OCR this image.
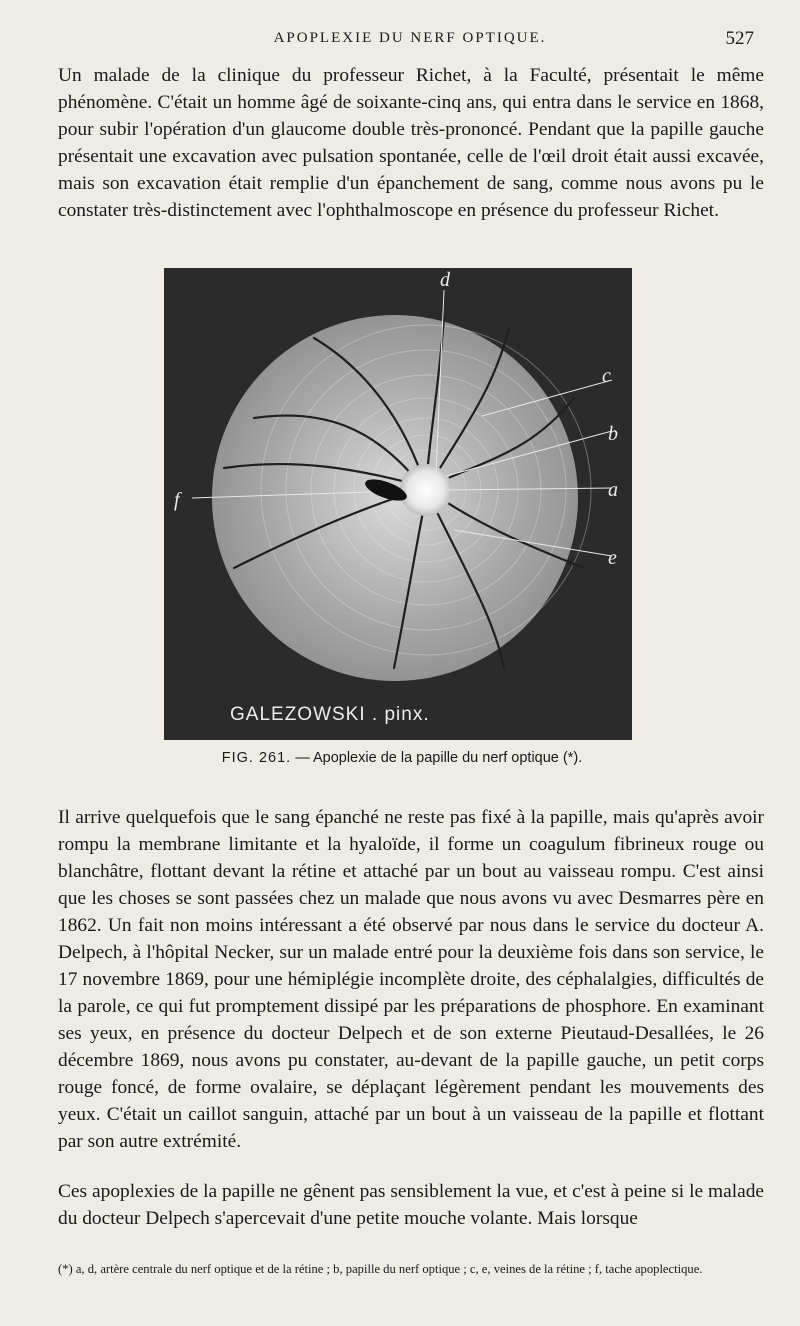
APOPLEXIE DU NERF OPTIQUE.	527

Un malade de la clinique du professeur Richet, à la Faculté, présentait le même phénomène. C'était un homme âgé de soixante-cinq ans, qui entra dans le service en 1868, pour subir l'opération d'un glaucome double très-prononcé. Pendant que la papille gauche présentait une excavation avec pulsation spontanée, celle de l'œil droit était aussi excavée, mais son excavation était remplie d'un épanchement de sang, comme nous avons pu le constater très-distinctement avec l'ophthalmoscope en présence du professeur Richet.

d
c
b
a
e
f
GALEZOWSKI . pinx.
FIG. 261. — Apoplexie de la papille du nerf optique (*).

Il arrive quelquefois que le sang épanché ne reste pas fixé à la papille, mais qu'après avoir rompu la membrane limitante et la hyaloïde, il forme un coagulum fibrineux rouge ou blanchâtre, flottant devant la rétine et attaché par un bout au vaisseau rompu. C'est ainsi que les choses se sont passées chez un malade que nous avons vu avec Desmarres père en 1862. Un fait non moins intéressant a été observé par nous dans le service du docteur A. Delpech, à l'hôpital Necker, sur un malade entré pour la deuxième fois dans son service, le 17 novembre 1869, pour une hémiplégie incomplète droite, des céphalalgies, difficultés de la parole, ce qui fut promptement dissipé par les préparations de phosphore. En examinant ses yeux, en présence du docteur Delpech et de son externe Pieutaud-Desallées, le 26 décembre 1869, nous avons pu constater, au-devant de la papille gauche, un petit corps rouge foncé, de forme ovalaire, se déplaçant légèrement pendant les mouvements des yeux. C'était un caillot sanguin, attaché par un bout à un vaisseau de la papille et flottant par son autre extrémité.

Ces apoplexies de la papille ne gênent pas sensiblement la vue, et c'est à peine si le malade du docteur Delpech s'apercevait d'une petite mouche volante. Mais lorsque

(*) a, d, artère centrale du nerf optique et de la rétine ; b, papille du nerf optique ; c, e, veines de la rétine ; f, tache apoplectique.
